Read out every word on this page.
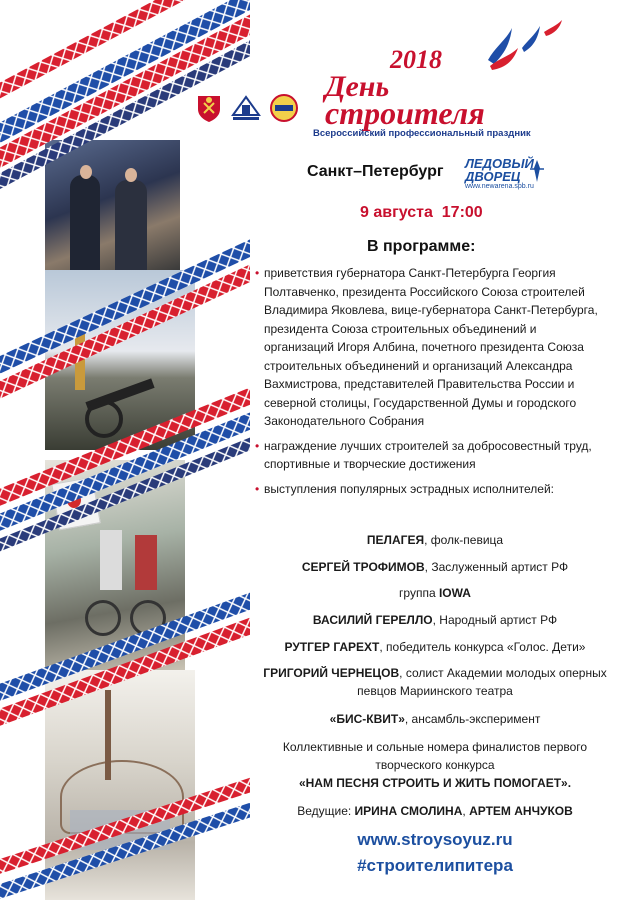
2018
День
строителя
Всероссийский профессиональный праздник
Санкт–Петербург ЛЕДОВЫЙ
ДВОРЕЦ
www.newarena.spb.ru
9 августа 17:00
В программе:
• приветствия губернатора Санкт-Петербурга Георгия Полтавченко, президента Российского Союза строителей Владимира Яковлева, вице-губернатора Санкт-Петербурга, президента Союза строительных объединений и организаций Игоря Албина, почетного президента Союза строительных объединений и организаций Александра Вахмистрова, представителей Правительства России и северной столицы, Государственной Думы и городского Законодательного Собрания
• награждение лучших строителей за добросовестный труд, спортивные и творческие достижения
• выступления популярных эстрадных исполнителей:
ПЕЛАГЕЯ, фолк-певица
СЕРГЕЙ ТРОФИМОВ, Заслуженный артист РФ
группа IOWA
ВАСИЛИЙ ГЕРЕЛЛО, Народный артист РФ
РУТГЕР ГАРЕХТ, победитель конкурса «Голос. Дети»
ГРИГОРИЙ ЧЕРНЕЦОВ, солист Академии молодых оперных
певцов Мариинского театра
«БИС-КВИТ», ансамбль-эксперимент
Коллективные и сольные номера финалистов первого
творческого конкурса
«НАМ ПЕСНЯ СТРОИТЬ И ЖИТЬ ПОМОГАЕТ».
Ведущие: ИРИНА СМОЛИНА, АРТЕМ АНЧУКОВ
www.stroysoyuz.ru
#строителипитера
